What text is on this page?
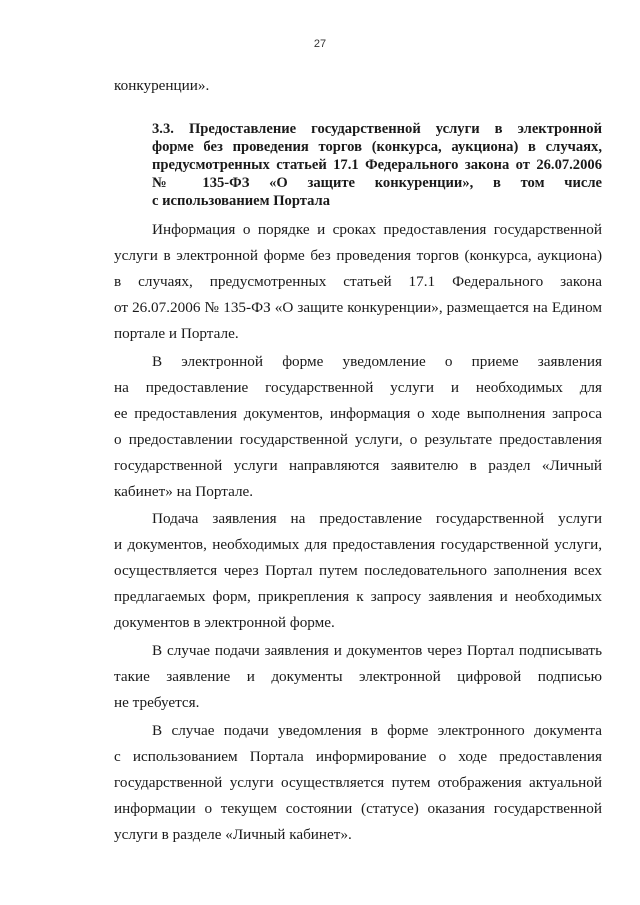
27
конкуренции».
3.3. Предоставление государственной услуги в электронной
форме без проведения торгов (конкурса, аукциона) в случаях,
предусмотренных статьей 17.1 Федерального закона от 26.07.2006
№ 135-ФЗ «О защите конкуренции», в том числе
с использованием Портала
Информация о порядке и сроках предоставления государственной
услуги в электронной форме без проведения торгов (конкурса, аукциона)
в случаях, предусмотренных статьей 17.1 Федерального закона
от 26.07.2006 № 135-ФЗ «О защите конкуренции», размещается на Едином
портале и Портале.
В электронной форме уведомление о приеме заявления
на предоставление государственной услуги и необходимых для
ее предоставления документов, информация о ходе выполнения запроса
о предоставлении государственной услуги, о результате предоставления
государственной услуги направляются заявителю в раздел «Личный
кабинет» на Портале.
Подача заявления на предоставление государственной услуги
и документов, необходимых для предоставления государственной услуги,
осуществляется через Портал путем последовательного заполнения всех
предлагаемых форм, прикрепления к запросу заявления и необходимых
документов в электронной форме.
В случае подачи заявления и документов через Портал подписывать
такие заявление и документы электронной цифровой подписью
не требуется.
В случае подачи уведомления в форме электронного документа
с использованием Портала информирование о ходе предоставления
государственной услуги осуществляется путем отображения актуальной
информации о текущем состоянии (статусе) оказания государственной
услуги в разделе «Личный кабинет».
